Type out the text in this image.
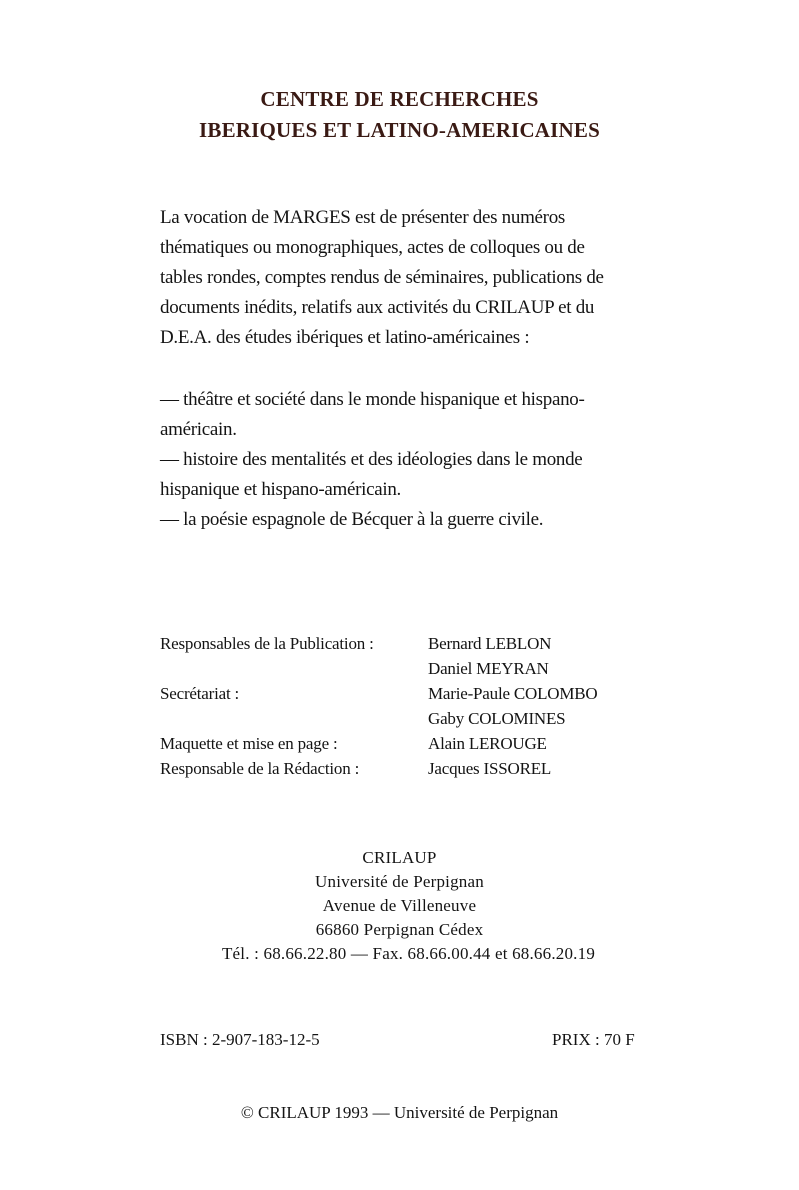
CENTRE DE RECHERCHES
IBERIQUES ET LATINO-AMERICAINES
La vocation de MARGES est de présenter des numéros
thématiques ou monographiques, actes de colloques ou de
tables rondes, comptes rendus de séminaires, publications de
documents inédits, relatifs aux activités du CRILAUP et du
D.E.A. des études ibériques et latino-américaines :
— théâtre et société dans le monde hispanique et hispano-américain.
— histoire des mentalités et des idéologies dans le monde hispanique et hispano-américain.
— la poésie espagnole de Bécquer à la guerre civile.
Responsables de la Publication :	Bernard LEBLON
Daniel MEYRAN
Secrétariat :	Marie-Paule COLOMBO
Gaby COLOMINES
Maquette et mise en page :	Alain LEROUGE
Responsable de la Rédaction :	Jacques ISSOREL
CRILAUP
Université de Perpignan
Avenue de Villeneuve
66860 Perpignan Cédex
Tél. : 68.66.22.80 — Fax. 68.66.00.44 et 68.66.20.19
ISBN : 2-907-183-12-5	PRIX : 70 F
© CRILAUP 1993 — Université de Perpignan
